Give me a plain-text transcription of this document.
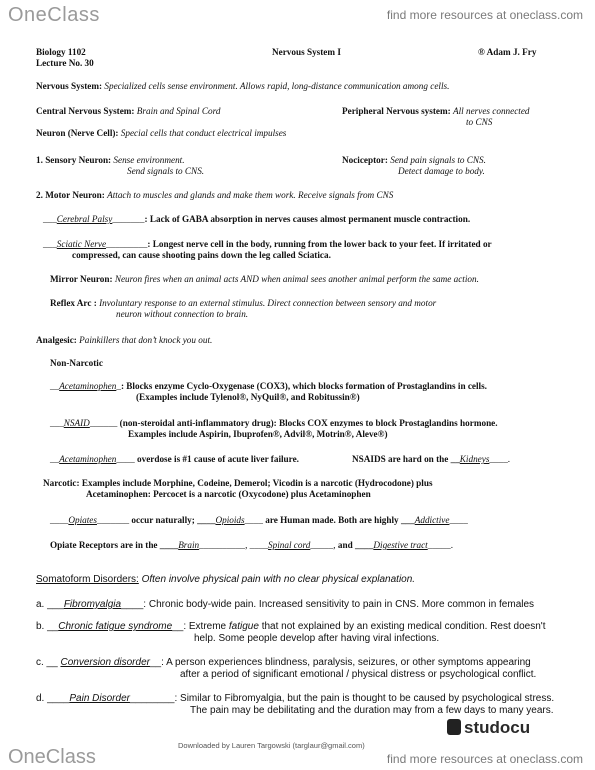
OneClass	find more resources at oneclass.com
Biology 1102
Lecture No. 30
Nervous System I	® Adam J. Fry
Nervous System: Specialized cells sense environment. Allows rapid, long-distance communication among cells.
Central Nervous System: Brain and Spinal Cord	Peripheral Nervous system: All nerves connected
to CNS
Neuron (Nerve Cell): Special cells that conduct electrical impulses
1. Sensory Neuron: Sense environment.
Send signals to CNS.
Nociceptor: Send pain signals to CNS.
Detect damage to body.
2. Motor Neuron: Attach to muscles and glands and make them work. Receive signals from CNS
___Cerebral Palsy_______: Lack of GABA absorption in nerves causes almost permanent muscle contraction.
___Sciatic Nerve_________: Longest nerve cell in the body, running from the lower back to your feet. If irritated or
compressed, can cause shooting pains down the leg called Sciatica.
Mirror Neuron: Neuron fires when an animal acts AND when animal sees another animal perform the same action.
Reflex Arc : Involuntary response to an external stimulus. Direct connection between sensory and motor
neuron without connection to brain.
Analgesic: Painkillers that don’t knock you out.
Non-Narcotic
__Acetaminophen_: Blocks enzyme Cyclo-Oxygenase (COX3), which blocks formation of Prostaglandins in cells.
(Examples include Tylenol®, NyQuil®, and Robitussin®)
___NSAID______ (non-steroidal anti-inflammatory drug): Blocks COX enzymes to block Prostaglandins hormone.
Examples include Aspirin, Ibuprofen®, Advil®, Motrin®, Aleve®)
__Acetaminophen____ overdose is #1 cause of acute liver failure.	NSAIDS are hard on the __Kidneys____.
Narcotic: Examples include Morphine, Codeine, Demerol; Vicodin is a narcotic (Hydrocodone) plus
Acetaminophen: Percocet is a narcotic (Oxycodone) plus Acetaminophen
____Opiates_______ occur naturally; ____Opioids____ are Human made. Both are highly ___Addictive____
Opiate Receptors are in the ____Brain__________, ____Spinal cord_____, and ____Digestive tract_____.
Somatoform Disorders: Often involve physical pain with no clear physical explanation.
a. ___Fibromyalgia____: Chronic body-wide pain. Increased sensitivity to pain in CNS. More common in females
b. __Chronic fatigue syndrome__: Extreme fatigue that not explained by an existing medical condition. Rest doesn't
help. Some people develop after having viral infections.
c. __ Conversion disorder__: A person experiences blindness, paralysis, seizures, or other symptoms appearing
after a period of significant emotional / physical distress or psychological conflict.
d. ____Pain Disorder________: Similar to Fibromyalgia, but the pain is thought to be caused by psychological stress.
The pain may be debilitating and the duration may from a few days to many years.
studocu
Downloaded by Lauren Targowski (targlaur@gmail.com)
OneClass	find more resources at oneclass.com
